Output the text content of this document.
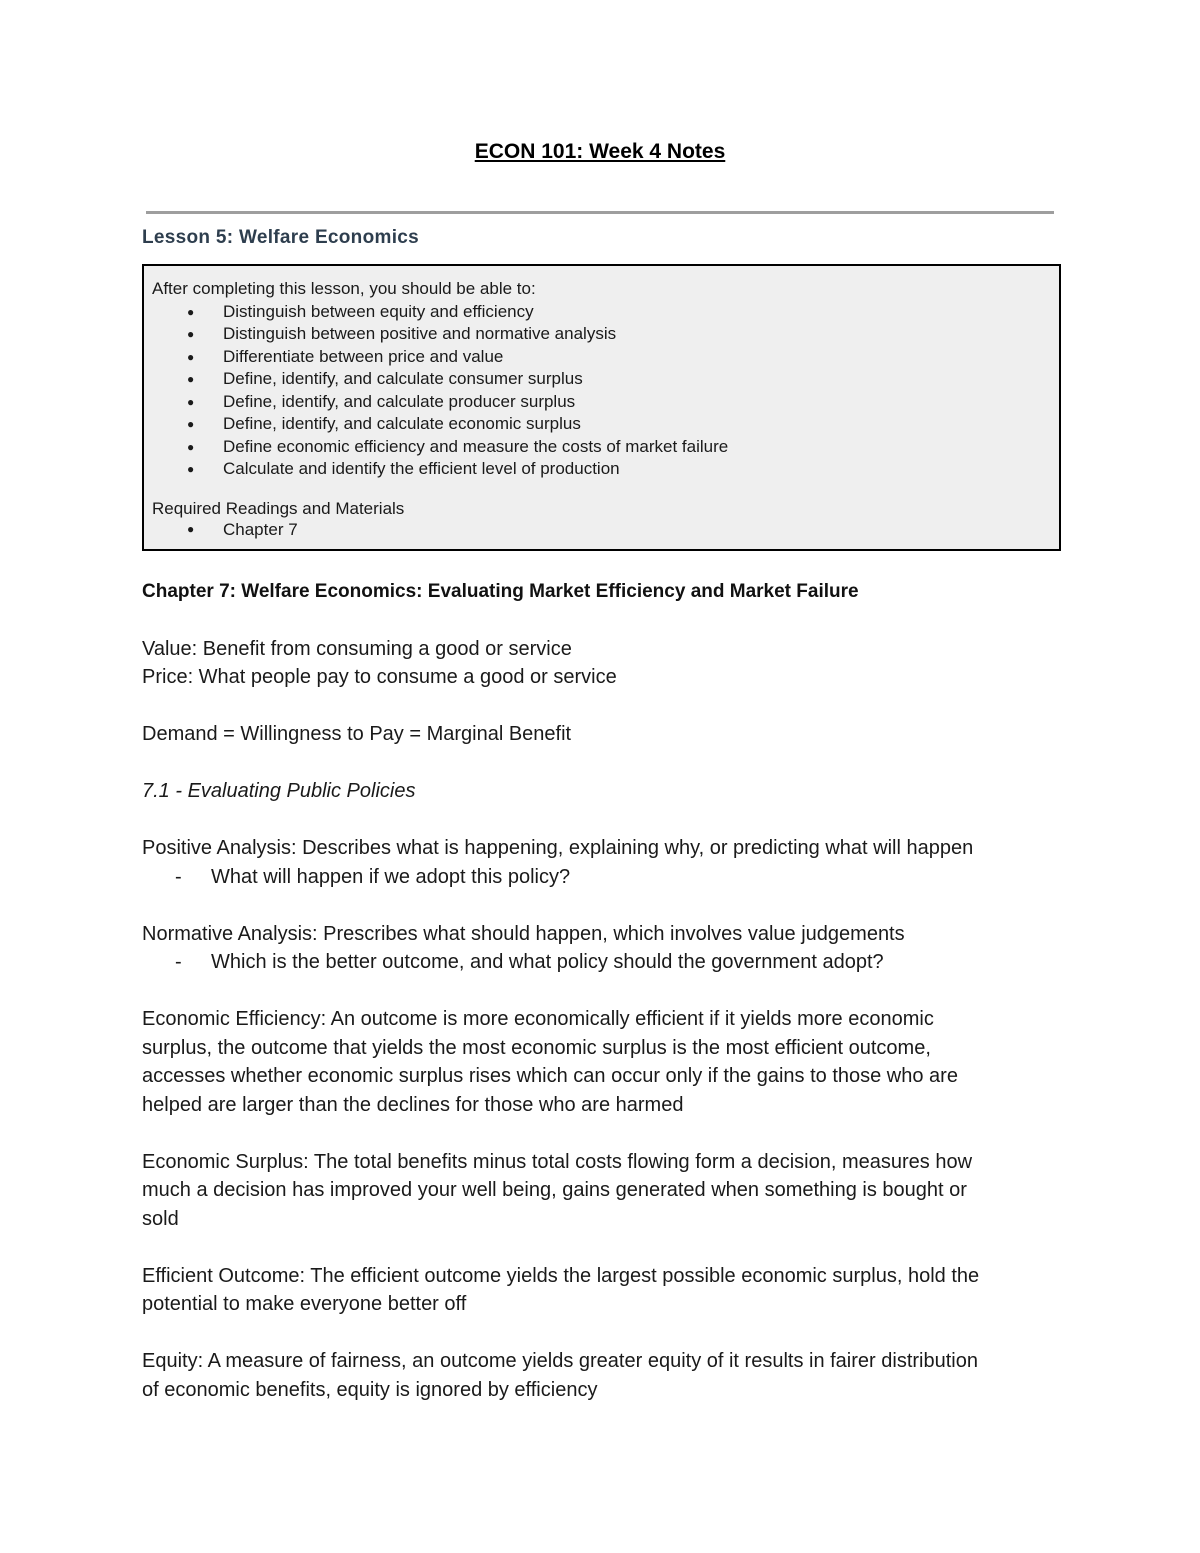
ECON 101: Week 4 Notes
Lesson 5: Welfare Economics
After completing this lesson, you should be able to:
● Distinguish between equity and efficiency
● Distinguish between positive and normative analysis
● Differentiate between price and value
● Define, identify, and calculate consumer surplus
● Define, identify, and calculate producer surplus
● Define, identify, and calculate economic surplus
● Define economic efficiency and measure the costs of market failure
● Calculate and identify the efficient level of production
Required Readings and Materials
● Chapter 7

Chapter 7: Welfare Economics: Evaluating Market Efficiency and Market Failure

Value: Benefit from consuming a good or service

Price: What people pay to consume a good or service

Demand = Willingness to Pay = Marginal Benefit

7.1 - Evaluating Public Policies

Positive Analysis: Describes what is happening, explaining why, or predicting what will happen

- What will happen if we adopt this policy?

Normative Analysis: Prescribes what should happen, which involves value judgements

- Which is the better outcome, and what policy should the government adopt?

Economic Efficiency: An outcome is more economically efficient if it yields more economic

surplus, the outcome that yields the most economic surplus is the most efficient outcome,

accesses whether economic surplus rises which can occur only if the gains to those who are

helped are larger than the declines for those who are harmed

Economic Surplus: The total benefits minus total costs flowing form a decision, measures how

much a decision has improved your well being, gains generated when something is bought or

sold

Efficient Outcome: The efficient outcome yields the largest possible economic surplus, hold the

potential to make everyone better off

Equity: A measure of fairness, an outcome yields greater equity of it results in fairer distribution

of economic benefits, equity is ignored by efficiency
